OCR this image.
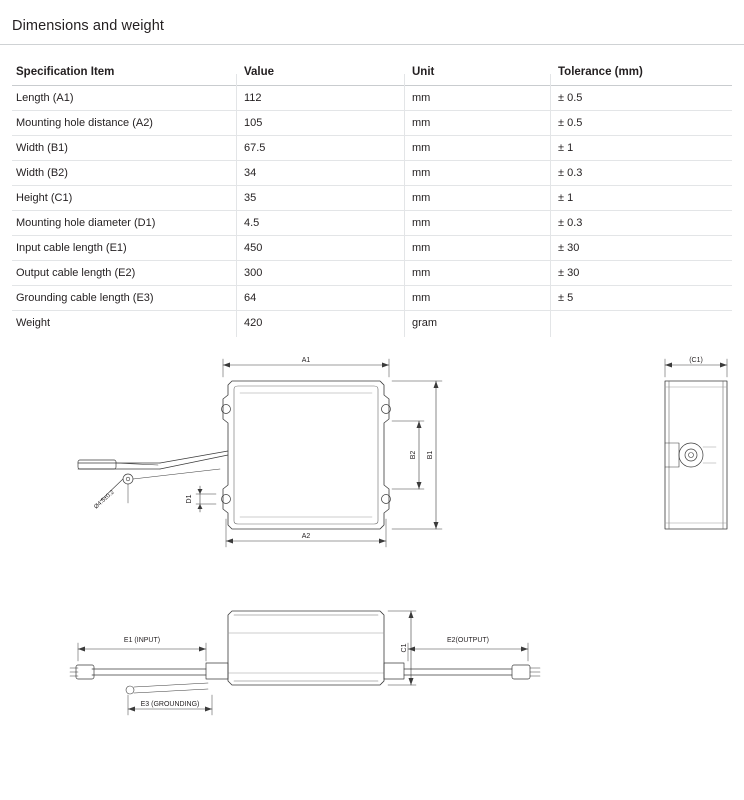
Dimensions and weight
Specification Item	Value	Unit	Tolerance (mm)
Length (A1)	112	mm	± 0.5
Mounting hole distance (A2)	105	mm	± 0.5
Width (B1)	67.5	mm	± 1
Width (B2)	34	mm	± 0.3
Height (C1)	35	mm	± 1
Mounting hole diameter (D1)	4.5	mm	± 0.3
Input cable length (E1)	450	mm	± 30
Output cable length (E2)	300	mm	± 30
Grounding cable length (E3)	64	mm	± 5
Weight	420	gram	
A1
A2
B1
B2
D1
Ø4.5±0.2
(C1)
E1 (INPUT)	E2(OUTPUT)
E3 (GROUNDING)
C1
